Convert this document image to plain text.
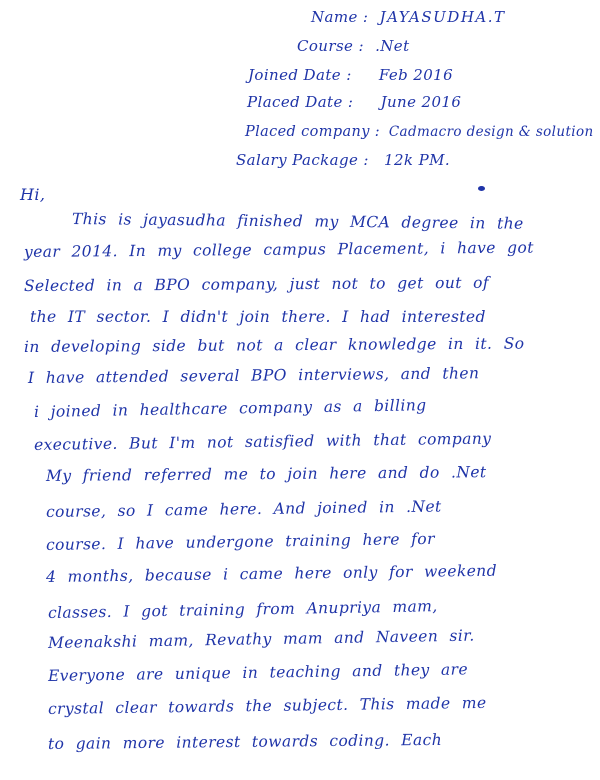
Name : JAYASUDHA.T
Course : .Net
Joined Date : Feb 2016
Placed Date : June 2016
Placed company : Cadmacro design & solution
Salary Package : 12k PM.
Hi,
This is jayasudha finished my MCA degree in the
year 2014. In my college campus Placement, i have got
Selected in a BPO company, just not to get out of
the IT sector. I didn't join there. I had interested
in developing side but not a clear knowledge in it. So
I have attended several BPO interviews, and then
i joined in healthcare company as a billing
executive. But I'm not satisfied with that company
My friend referred me to join here and do .Net
course, so I came here. And joined in .Net
course. I have undergone training here for
4 months, because i came here only for weekend
classes. I got training from Anupriya mam,
Meenakshi mam, Revathy mam and Naveen sir.
Everyone are unique in teaching and they are
crystal clear towards the subject. This made me
to gain more interest towards coding. Each
